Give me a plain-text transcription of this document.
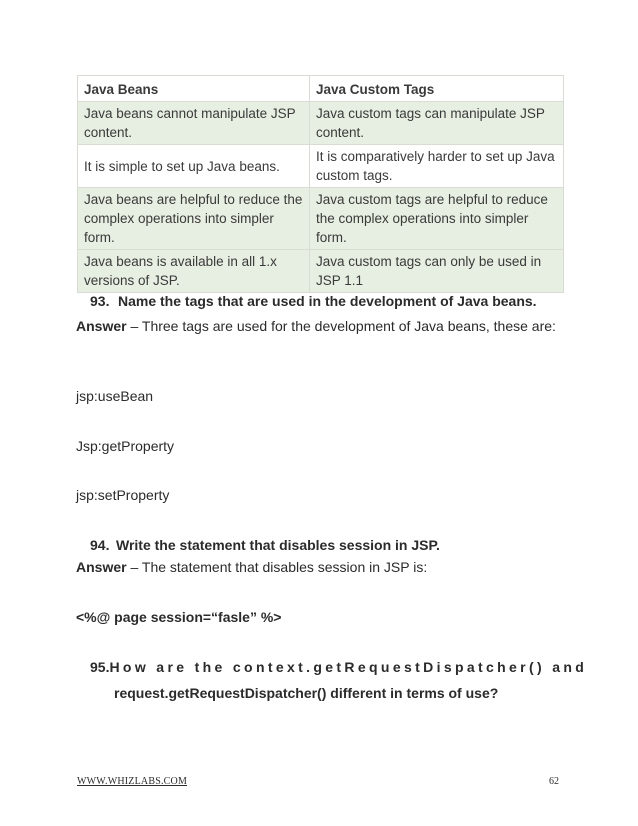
Java Beans	Java Custom Tags
Java beans cannot manipulate JSP content.	Java custom tags can manipulate JSP content.
It is simple to set up Java beans.	It is comparatively harder to set up Java custom tags.
Java beans are helpful to reduce the complex operations into simpler form.	Java custom tags are helpful to reduce the complex operations into simpler form.
Java beans is available in all 1.x versions of JSP.	Java custom tags can only be used in JSP 1.1
93. Name the tags that are used in the development of Java beans.
Answer – Three tags are used for the development of Java beans, these are:
jsp:useBean
Jsp:getProperty
jsp:setProperty
94. Write the statement that disables session in JSP.
Answer – The statement that disables session in JSP is:
<%@ page session=“fasle” %>
95. How are the context.getRequestDispatcher() and
request.getRequestDispatcher() different in terms of use?
WWW.WHIZLABS.COM	62
